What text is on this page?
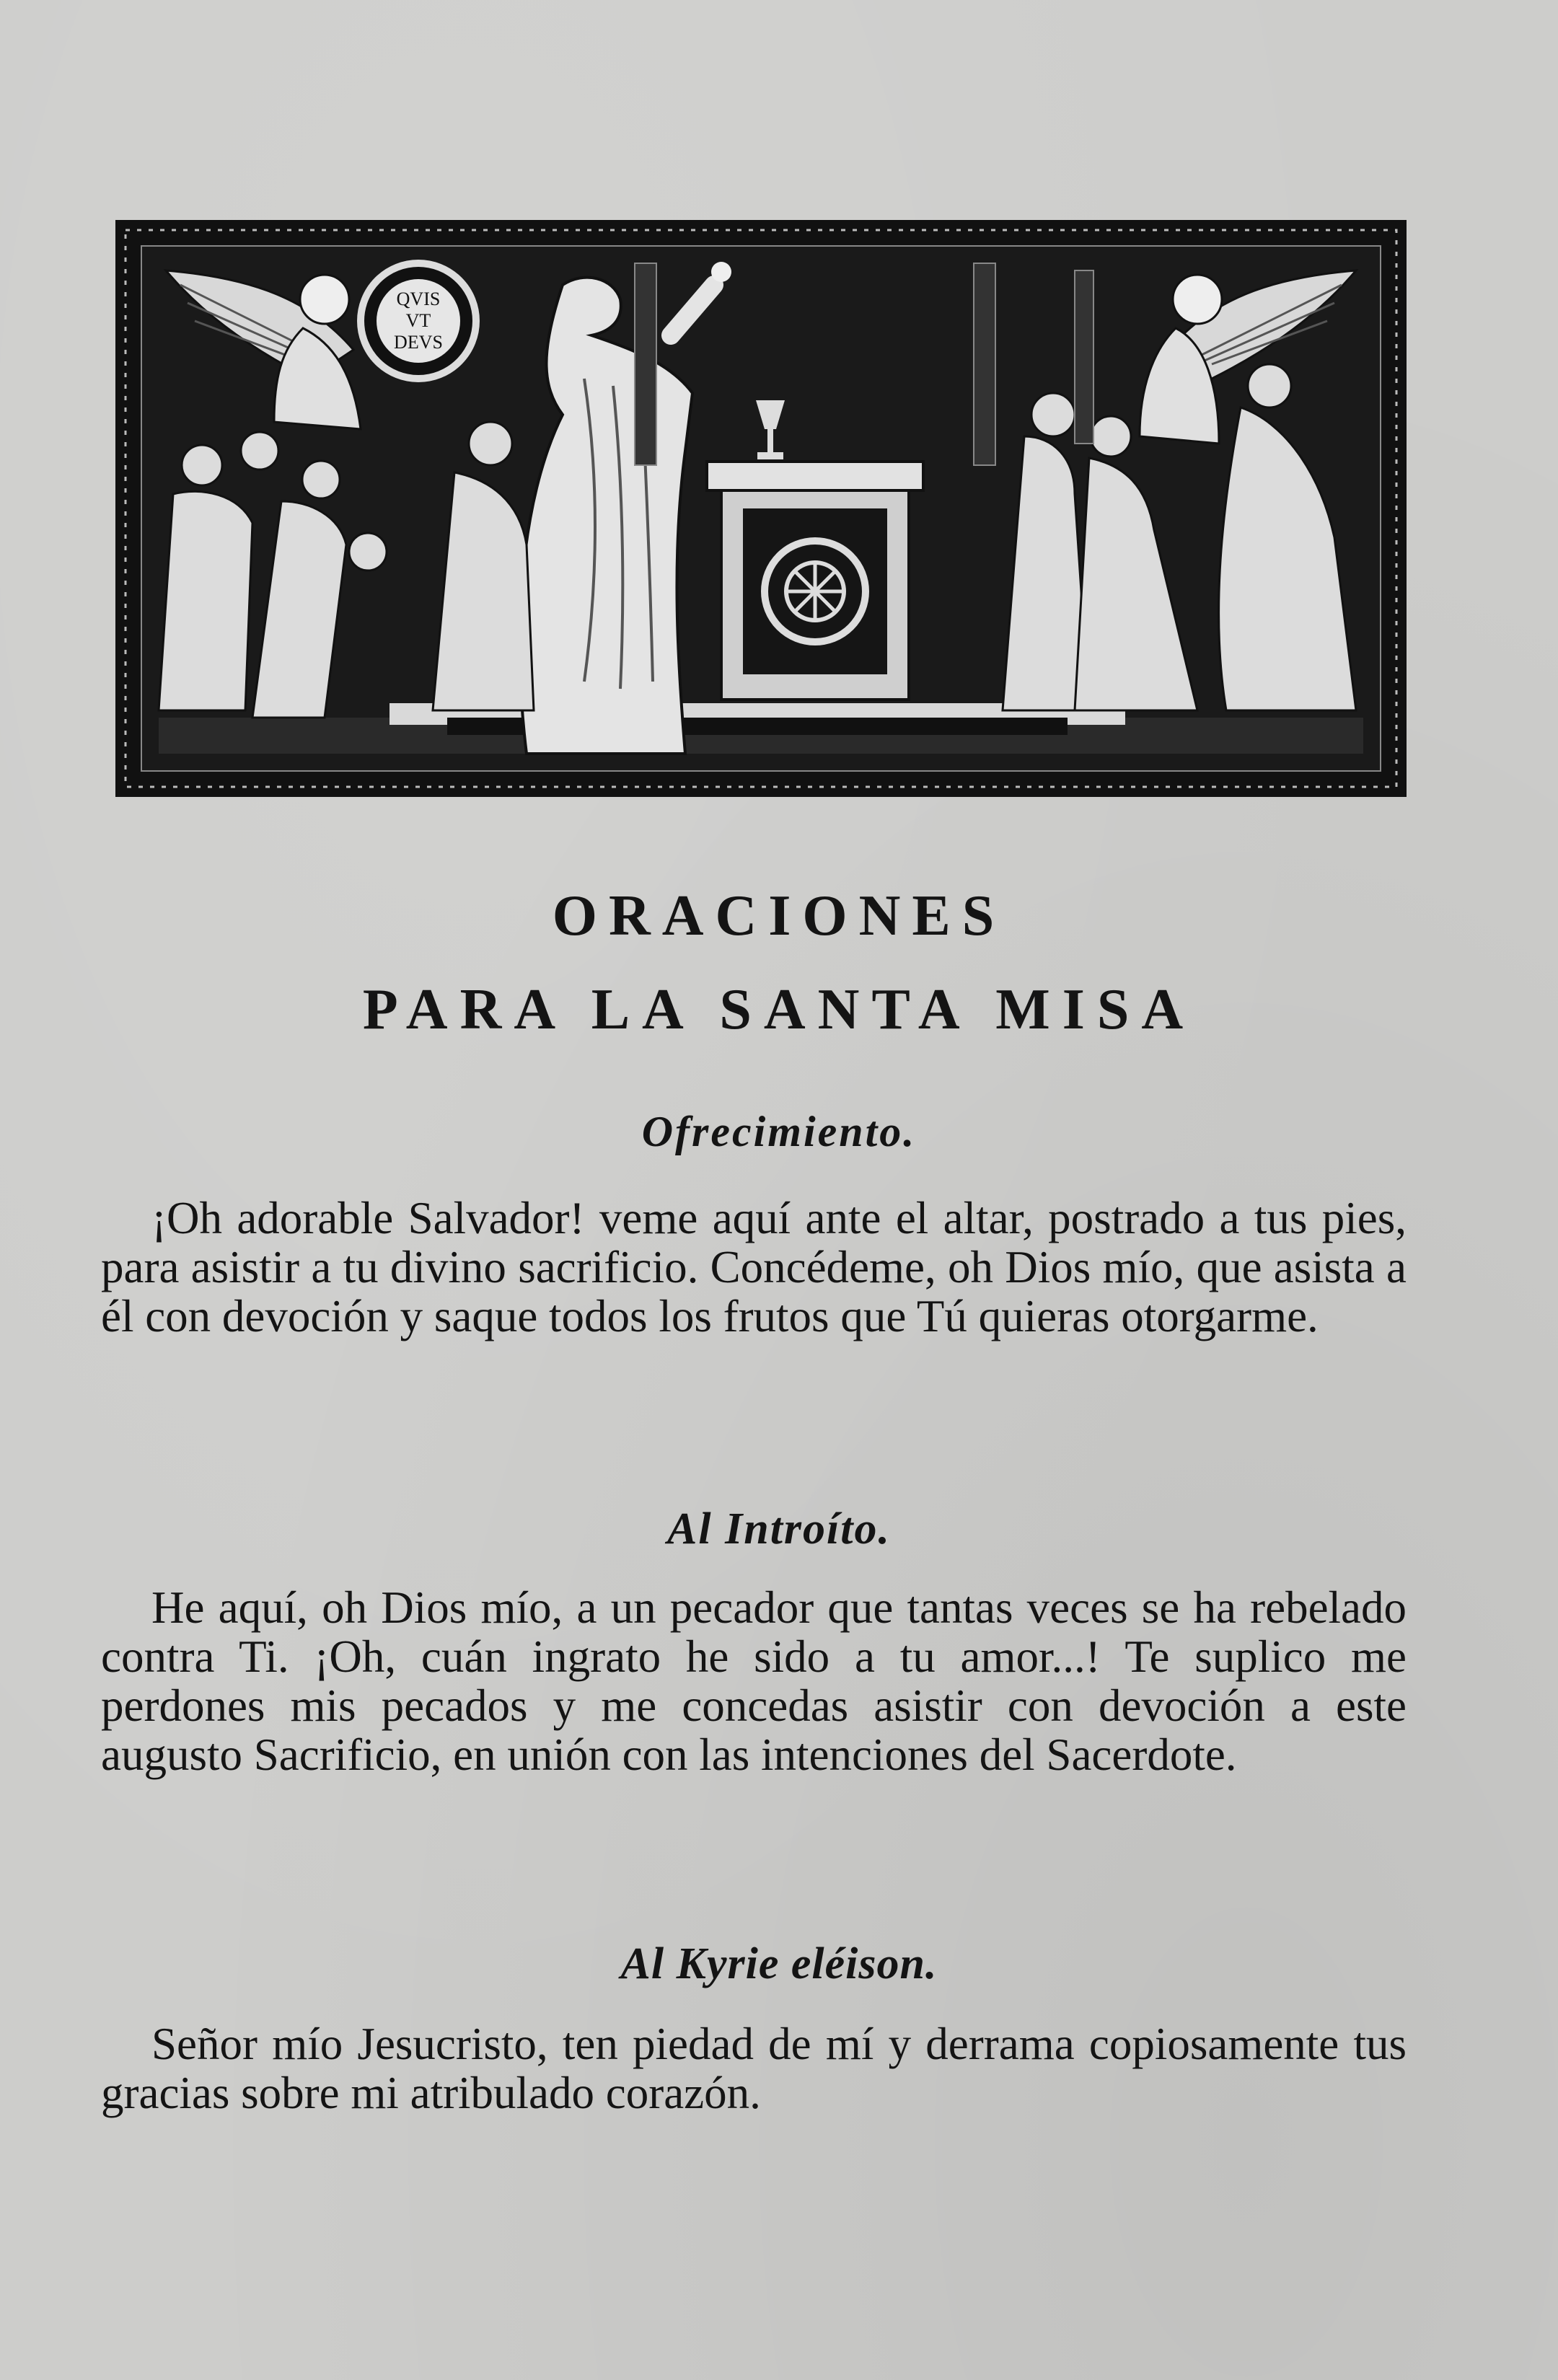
QVIS
VT
DEVS
ORACIONES
PARA LA SANTA MISA
Ofrecimiento.

¡Oh adorable Salvador! veme aquí ante el altar, postrado a tus pies, para asistir a tu divino sacrificio. Concédeme, oh Dios mío, que asista a él con devoción y saque todos los frutos que Tú quieras otorgarme.

Al Introíto.

He aquí, oh Dios mío, a un pecador que tantas veces se ha rebelado contra Ti. ¡Oh, cuán ingrato he sido a tu amor...! Te suplico me perdones mis pecados y me concedas asistir con devoción a este augusto Sacrificio, en unión con las intenciones del Sacerdote.

Al Kyrie eléison.

Señor mío Jesucristo, ten piedad de mí y derrama copiosamente tus gracias sobre mi atribulado corazón.
